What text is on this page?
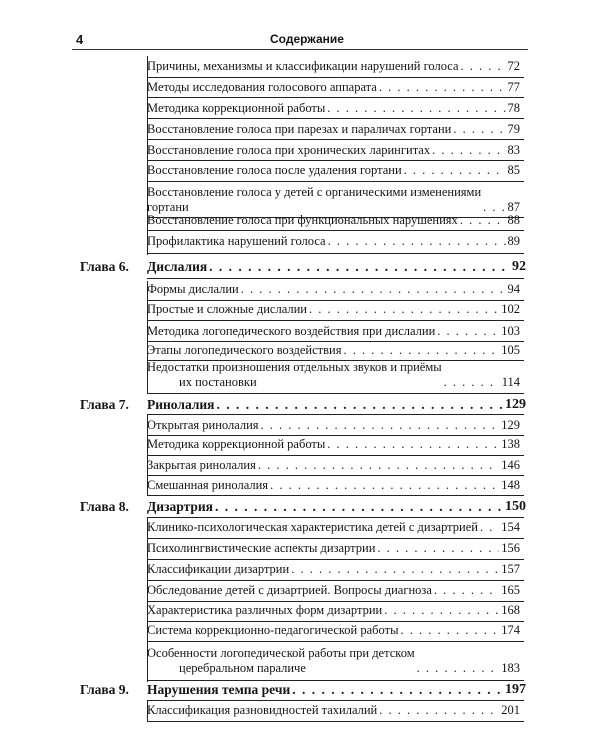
4	Содержание
Причины, механизмы и классификации нарушений голоса . . .	72
Методы исследования голосового аппарата . . .	77
Методика коррекционной работы . . .	78
Восстановление голоса при парезах и параличах гортани . . .	79
Восстановление голоса при хронических ларингитах . . .	83
Восстановление голоса после удаления гортани . . .	85
Восстановление голоса у детей с органическими изменениями
гортани . . .	87
Восстановление голоса при функциональных нарушениях . . .	88
Профилактика нарушений голоса . . .	89
Глава 6.	Дислалия . . .	92
Формы дислалии . . .	94
Простые и сложные дислалии . . .	102
Методика логопедического воздействия при дислалии . . .	103
Этапы логопедического воздействия . . .	105
Недостатки произношения отдельных звуков и приёмы
их постановки . . .	114
Глава 7.	Ринолалия . . .	129
Открытая ринолалия . . .	129
Методика коррекционной работы . . .	138
Закрытая ринолалия . . .	146
Смешанная ринолалия . . .	148
Глава 8.	Дизартрия . . .	150
Клинико-психологическая характеристика детей с дизартрией . . . 154
Психолингвистические аспекты дизартрии . . .	156
Классификации дизартрии . . .	157
Обследование детей с дизартрией. Вопросы диагноза . . .	165
Характеристика различных форм дизартрии . . .	168
Система коррекционно-педагогической работы . . .	174
Особенности логопедической работы при детском
церебральном параличе . . .	183
Глава 9.	Нарушения темпа речи . . .	197
Классификация разновидностей тахилалий . . .	201
